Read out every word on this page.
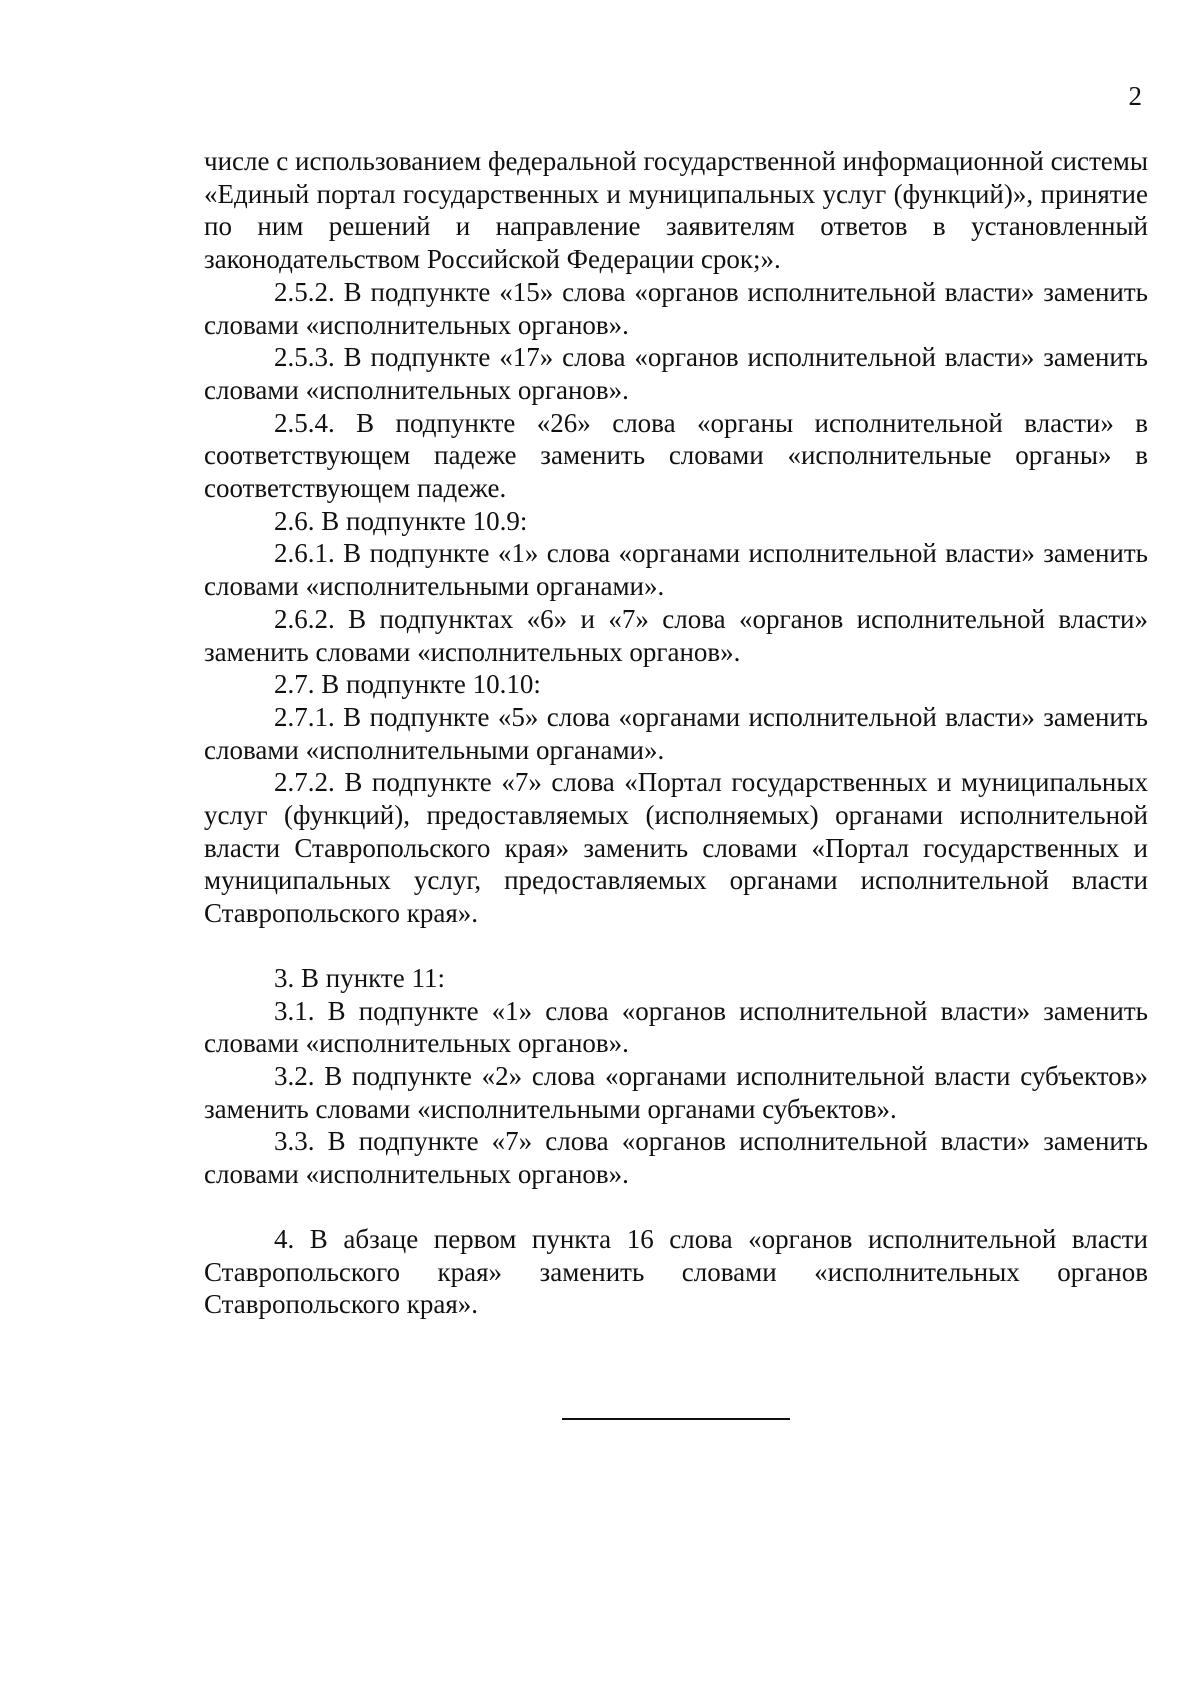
2

числе с использованием федеральной государственной информационной системы «Единый портал государственных и муниципальных услуг (функций)», принятие по ним решений и направление заявителям ответов в установленный законодательством Российской Федерации срок;».

2.5.2. В подпункте «15» слова «органов исполнительной власти» заменить словами «исполнительных органов».

2.5.3. В подпункте «17» слова «органов исполнительной власти» заменить словами «исполнительных органов».

2.5.4. В подпункте «26» слова «органы исполнительной власти» в соответствующем падеже заменить словами «исполнительные органы» в соответствующем падеже.

2.6. В подпункте 10.9:

2.6.1. В подпункте «1» слова «органами исполнительной власти» заменить словами «исполнительными органами».

2.6.2. В подпунктах «6» и «7» слова «органов исполнительной власти» заменить словами «исполнительных органов».

2.7. В подпункте 10.10:

2.7.1. В подпункте «5» слова «органами исполнительной власти» заменить словами «исполнительными органами».

2.7.2. В подпункте «7» слова «Портал государственных и муниципальных услуг (функций), предоставляемых (исполняемых) органами исполнительной власти Ставропольского края» заменить словами «Портал государственных и муниципальных услуг, предоставляемых органами исполнительной власти Ставропольского края».

3. В пункте 11:

3.1. В подпункте «1» слова «органов исполнительной власти» заменить словами «исполнительных органов».

3.2. В подпункте «2» слова «органами исполнительной власти субъектов» заменить словами «исполнительными органами субъектов».

3.3. В подпункте «7» слова «органов исполнительной власти» заменить словами «исполнительных органов».

4. В абзаце первом пункта 16 слова «органов исполнительной власти Ставропольского края» заменить словами «исполнительных органов Ставропольского края».
